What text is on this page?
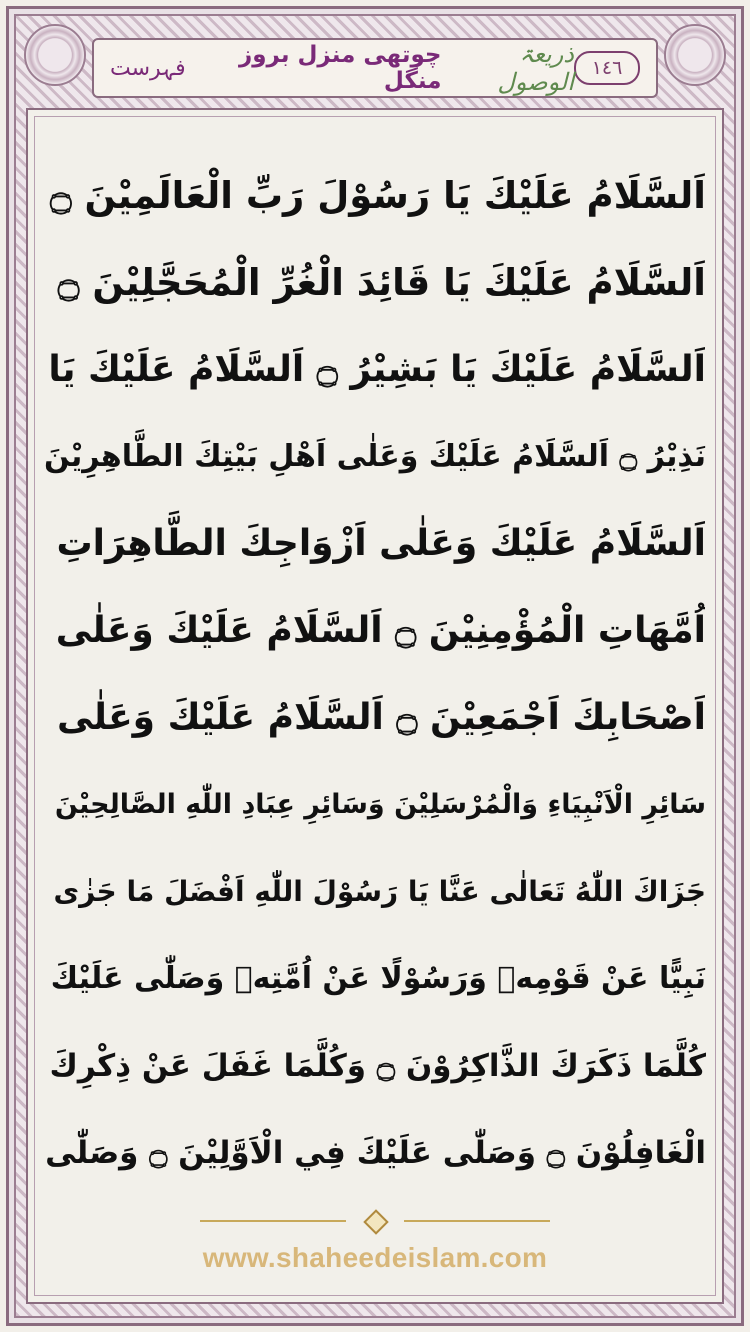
١٤٦
ذریعۃ الوصول
چوتھی منزل بروز منگل
فہرست
اَلسَّلَامُ عَلَيْكَ يَا رَسُوْلَ رَبِّ الْعَالَمِيْنَ ۝
اَلسَّلَامُ عَلَيْكَ يَا قَائِدَ الْغُرِّ الْمُحَجَّلِيْنَ ۝
اَلسَّلَامُ عَلَيْكَ يَا بَشِيْرُ ۝ اَلسَّلَامُ عَلَيْكَ يَا
نَذِيْرُ ۝ اَلسَّلَامُ عَلَيْكَ وَعَلٰى اَهْلِ بَيْتِكَ الطَّاهِرِيْنَ
اَلسَّلَامُ عَلَيْكَ وَعَلٰى اَزْوَاجِكَ الطَّاهِرَاتِ
اُمَّهَاتِ الْمُؤْمِنِيْنَ ۝ اَلسَّلَامُ عَلَيْكَ وَعَلٰى
اَصْحَابِكَ اَجْمَعِيْنَ ۝ اَلسَّلَامُ عَلَيْكَ وَعَلٰى
سَائِرِ الْاَنْبِيَاءِ وَالْمُرْسَلِيْنَ وَسَائِرِ عِبَادِ اللّٰهِ الصَّالِحِيْنَ
جَزَاكَ اللّٰهُ تَعَالٰى عَنَّا يَا رَسُوْلَ اللّٰهِ اَفْضَلَ مَا جَزٰى
نَبِيًّا عَنْ قَوْمِهٖ وَرَسُوْلًا عَنْ اُمَّتِهٖ وَصَلّٰى عَلَيْكَ
كُلَّمَا ذَكَرَكَ الذَّاكِرُوْنَ ۝ وَكُلَّمَا غَفَلَ عَنْ ذِكْرِكَ
الْغَافِلُوْنَ ۝ وَصَلّٰى عَلَيْكَ فِي الْاَوَّلِيْنَ ۝ وَصَلّٰى
www.shaheedeislam.com
